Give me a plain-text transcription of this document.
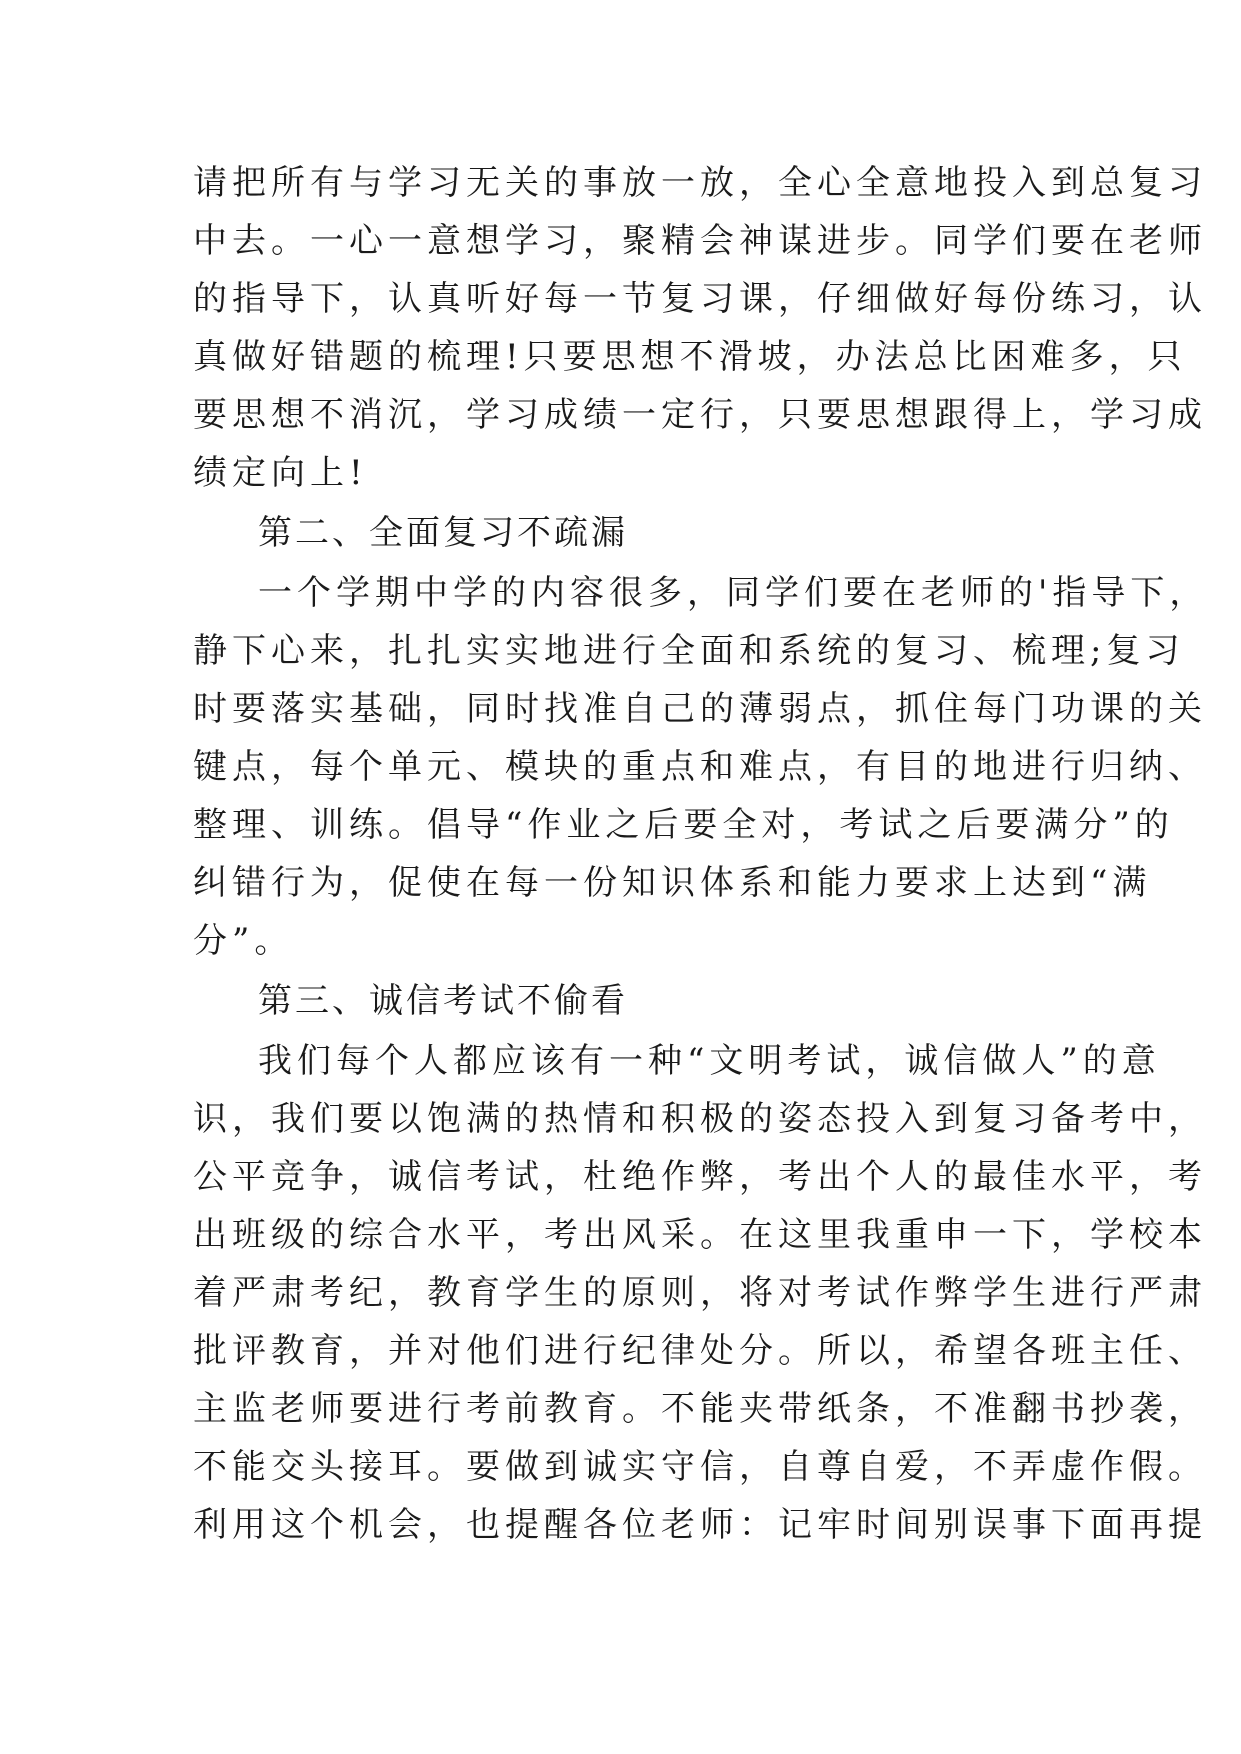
请把所有与学习无关的事放一放，全心全意地投入到总复习
中去。一心一意想学习，聚精会神谋进步。同学们要在老师
的指导下，认真听好每一节复习课，仔细做好每份练习，认
真做好错题的梳理!只要思想不滑坡，办法总比困难多，只
要思想不消沉，学习成绩一定行，只要思想跟得上，学习成
绩定向上!
第二、全面复习不疏漏
一个学期中学的内容很多，同学们要在老师的'指导下，
静下心来，扎扎实实地进行全面和系统的复习、梳理;复习
时要落实基础，同时找准自己的薄弱点，抓住每门功课的关
键点，每个单元、模块的重点和难点，有目的地进行归纳、
整理、训练。倡导“作业之后要全对，考试之后要满分”的
纠错行为，促使在每一份知识体系和能力要求上达到“满
分”。
第三、诚信考试不偷看
我们每个人都应该有一种“文明考试，诚信做人”的意
识，我们要以饱满的热情和积极的姿态投入到复习备考中，
公平竞争，诚信考试，杜绝作弊，考出个人的最佳水平，考
出班级的综合水平，考出风采。在这里我重申一下，学校本
着严肃考纪，教育学生的原则，将对考试作弊学生进行严肃
批评教育，并对他们进行纪律处分。所以，希望各班主任、
主监老师要进行考前教育。不能夹带纸条，不准翻书抄袭，
不能交头接耳。要做到诚实守信，自尊自爱，不弄虚作假。
利用这个机会，也提醒各位老师：记牢时间别误事下面再提
